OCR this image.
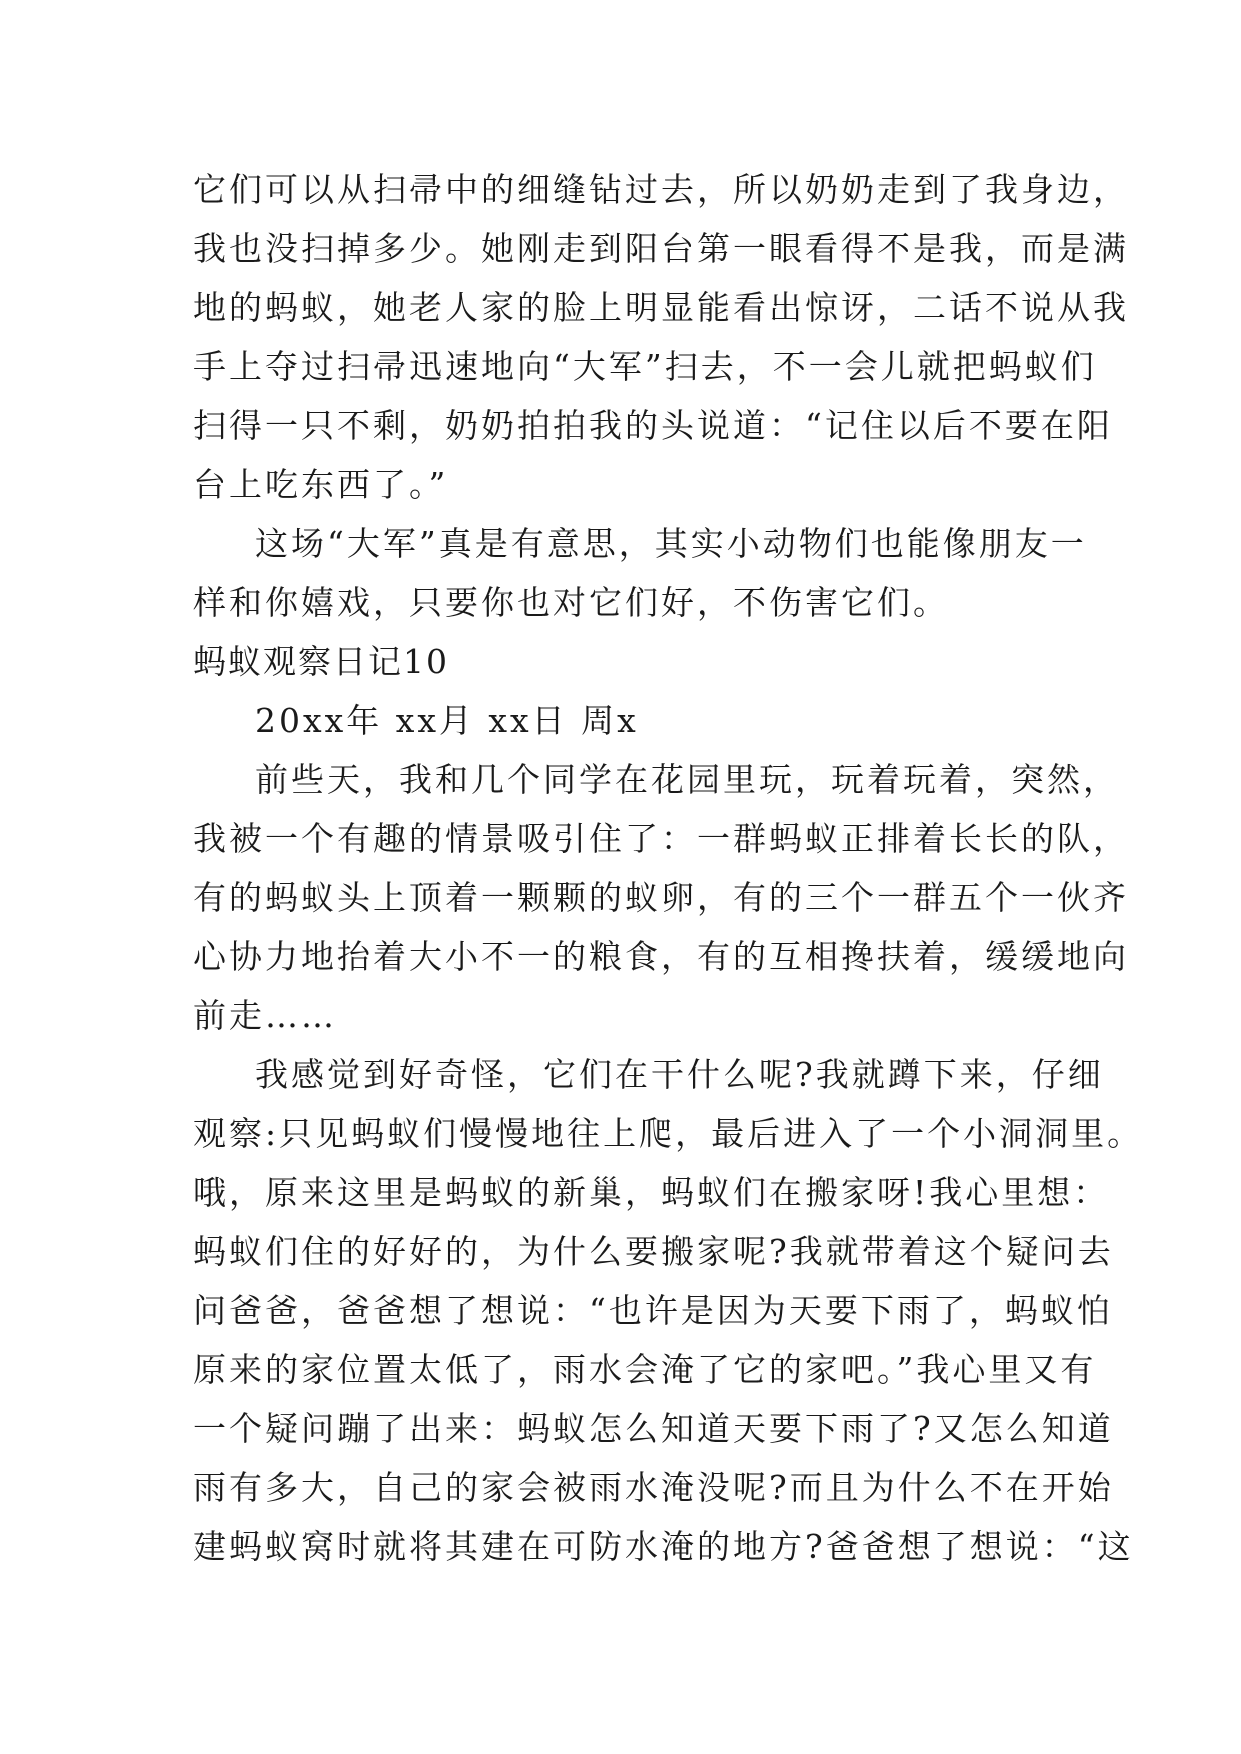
它们可以从扫帚中的细缝钻过去，所以奶奶走到了我身边，
我也没扫掉多少。她刚走到阳台第一眼看得不是我，而是满
地的蚂蚁，她老人家的脸上明显能看出惊讶，二话不说从我
手上夺过扫帚迅速地向“大军”扫去，不一会儿就把蚂蚁们
扫得一只不剩，奶奶拍拍我的头说道：“记住以后不要在阳
台上吃东西了。”
这场“大军”真是有意思，其实小动物们也能像朋友一
样和你嬉戏，只要你也对它们好，不伤害它们。
蚂蚁观察日记10
20xx年 xx月 xx日 周x
前些天，我和几个同学在花园里玩，玩着玩着，突然，
我被一个有趣的情景吸引住了：一群蚂蚁正排着长长的队，
有的蚂蚁头上顶着一颗颗的蚁卵，有的三个一群五个一伙齐
心协力地抬着大小不一的粮食，有的互相搀扶着，缓缓地向
前走……
我感觉到好奇怪，它们在干什么呢?我就蹲下来，仔细
观察:只见蚂蚁们慢慢地往上爬，最后进入了一个小洞洞里。
哦，原来这里是蚂蚁的新巢，蚂蚁们在搬家呀!我心里想：
蚂蚁们住的好好的，为什么要搬家呢?我就带着这个疑问去
问爸爸，爸爸想了想说：“也许是因为天要下雨了，蚂蚁怕
原来的家位置太低了，雨水会淹了它的家吧。”我心里又有
一个疑问蹦了出来：蚂蚁怎么知道天要下雨了?又怎么知道
雨有多大，自己的家会被雨水淹没呢?而且为什么不在开始
建蚂蚁窝时就将其建在可防水淹的地方?爸爸想了想说：“这
